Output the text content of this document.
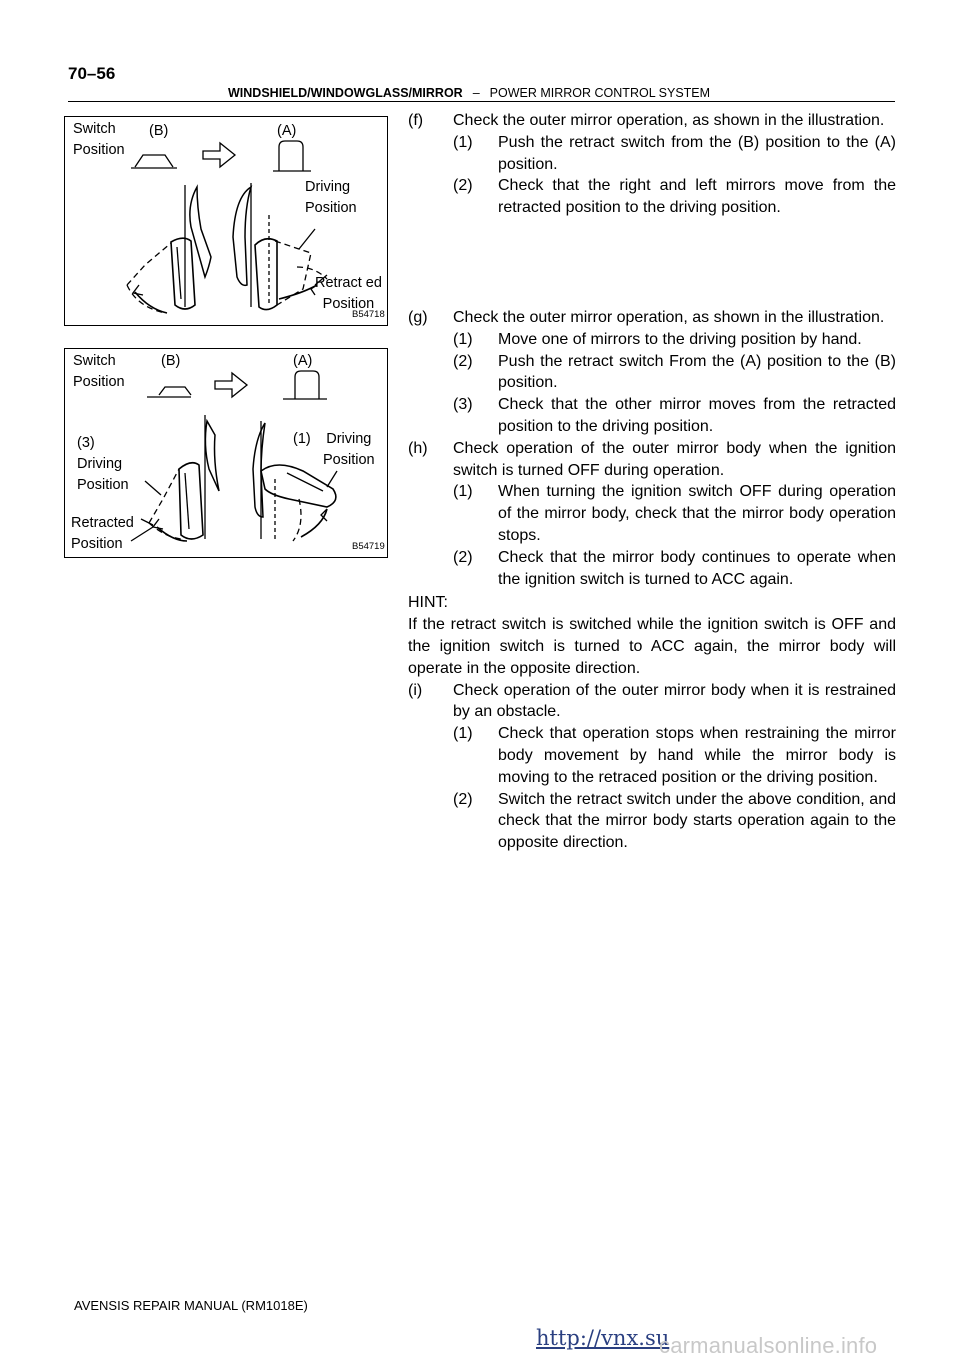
70–56
WINDSHIELD/WINDOWGLASS/MIRROR – POWER MIRROR CONTROL SYSTEM
Switch
Position
(B)	(A)
Driving
Position
Retract ed
Position
B54718
Switch
Position
(B)	(A)
(1) Driving
Position
(3)
Driving
Position
Retracted
Position	B54719
(f) Check the outer mirror operation, as shown in the illustration.
(1) Push the retract switch from the (B) position to the (A) position.
(2) Check that the right and left mirrors move from the retracted position to the driving position.
(g) Check the outer mirror operation, as shown in the illustration.
(1) Move one of mirrors to the driving position by hand.
(2) Push the retract switch From the (A) position to the (B) position.
(3) Check that the other mirror moves from the retracted position to the driving position.
(h) Check operation of the outer mirror body when the ignition switch is turned OFF during operation.
(1) When turning the ignition switch OFF during operation of the mirror body, check that the mirror body operation stops.
(2) Check that the mirror body continues to operate when the ignition switch is turned to ACC again.
HINT:
If the retract switch is switched while the ignition switch is OFF and the ignition switch is turned to ACC again, the mirror body will operate in the opposite direction.
(i) Check operation of the outer mirror body when it is restrained by an obstacle.
(1) Check that operation stops when restraining the mirror body movement by hand while the mirror body is moving to the retraced position or the driving position.
(2) Switch the retract switch under the above condition, and check that the mirror body starts operation again to the opposite direction.
AVENSIS REPAIR MANUAL (RM1018E)
http://vnx.su
carmanualsonline.info
